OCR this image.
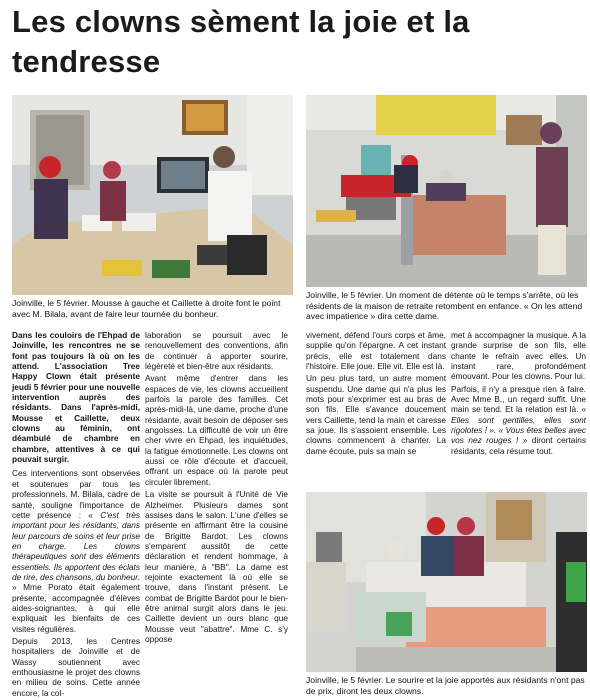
Les clowns sèment la joie et la tendresse

Joinville, le 5 février. Mousse à gauche et Caillette à droite font le point avec M. Bilala, avant de faire leur tournée du bonheur.

Joinville, le 5 février. Un moment de détente où le temps s'arrête, où les résidents de la maison de retraite retombent en enfance. « On les attend avec impatience » dira cette dame.

Dans les couloirs de l'Ehpad de Joinville, les rencontres ne se font pas toujours là où on les attend. L'association Tree Happy Clown était présente jeudi 5 février pour une nouvelle intervention auprès des résidants. Dans l'après-midi, Mousse et Caillette, deux clowns au féminin, ont déambulé de chambre en chambre, attentives à ce qui pouvait surgir.

Ces interventions sont observées et soutenues par tous les professionnels. M. Bilala, cadre de santé, souligne l'importance de cette présence : « C'est très important pour les résidants, dans leur parcours de soins et leur prise en charge. Les clowns thérapeutiques sont des éléments essentiels. Ils apportent des éclats de rire, des chansons, du bonheur. » Mme Porato était également présente, accompagnée d'élèves aides-soignantes, à qui elle expliquait les bienfaits de ces visites régulières.

Depuis 2013, les Centres hospitaliers de Joinville et de Wassy soutiennent avec enthousiasme le projet des clowns en milieu de soins. Cette année encore, la col-

laboration se poursuit avec le renouvellement des conventions, afin de continuer à apporter sourire, légèreté et bien-être aux résidants.

Avant même d'entrer dans les espaces de vie, les clowns accueillent parfois la parole des familles. Cet après-midi-là, une dame, proche d'une résidante, avait besoin de déposer ses angoisses. La difficulté de voir un être cher vivre en Ehpad, les inquiétudes, la fatigue émotionnelle. Les clowns ont aussi ce rôle d'écoute et d'accueil, offrant un espace où la parole peut circuler librement.

La visite se poursuit à l'Unité de Vie Alzheimer. Plusieurs dames sont assises dans le salon. L'une d'elles se présente en affirmant être la cousine de Brigitte Bardot. Les clowns s'emparent aussitôt de cette déclaration et rendent hommage, à leur manière, à "BB". La dame est rejointe exactement là où elle se trouve, dans l'instant présent. Le combat de Brigitte Bardot pour le bien-être animal surgit alors dans le jeu. Caillette devient un ours blanc que Mousse veut "abattre". Mme C. s'y oppose

vivement, défend l'ours corps et âme, supplie qu'on l'épargne. A cet instant précis, elle est totalement dans l'histoire. Elle joue. Elle vit. Elle est là.

Un peu plus tard, un autre moment suspendu. Une dame qui n'a plus les mots pour s'exprimer est au bras de son fils. Elle s'avance doucement vers Caillette, tend la main et caresse sa joue. Ils s'assoient ensemble. Les clowns commencent à chanter. La dame écoute, puis sa main se

met à accompagner la musique. A la grande surprise de son fils, elle chante le refrain avec elles. Un instant rare, profondément émouvant. Pour les clowns. Pour lui.

Parfois, il n'y a presque rien à faire. Avec Mme B., un regard suffit. Une main se tend. Et la relation est là. « Elles sont gentilles, elles sont rigolotes ! ». « Vous êtes belles avec vos nez rouges ! » diront certains résidants, cela résume tout.

Joinville, le 5 février. Le sourire et la joie apportés aux résidants n'ont pas de prix, diront les deux clowns.
